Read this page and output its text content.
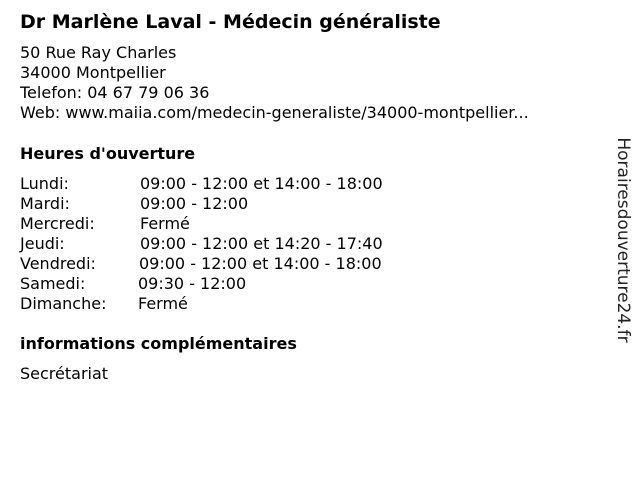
Dr Marlène Laval - Médecin généraliste
50 Rue Ray Charles
34000 Montpellier
Telefon: 04 67 79 06 36
Web: www.maiia.com/medecin-generaliste/34000-montpellier...
Heures d'ouverture
Lundi:	09:00 - 12:00 et 14:00 - 18:00
Mardi:	09:00 - 12:00
Mercredi:	Fermé
Jeudi:	09:00 - 12:00 et 14:20 - 17:40
Vendredi:	09:00 - 12:00 et 14:00 - 18:00
Samedi:	09:30 - 12:00
Dimanche: Fermé
informations complémentaires
Secrétariat
Horairesdouverture24.fr
